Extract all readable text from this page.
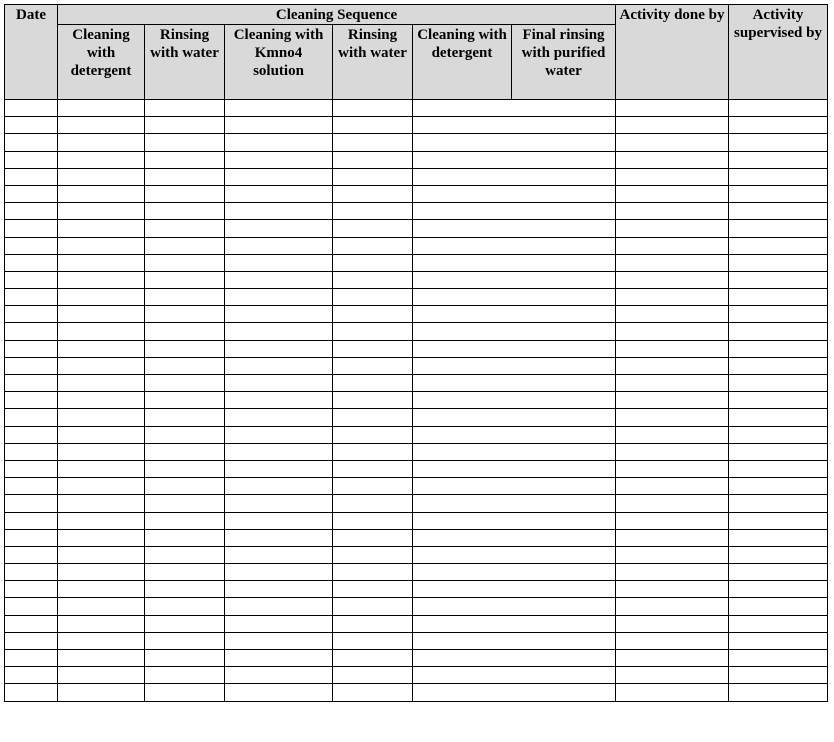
Date	Cleaning Sequence						Activity done by	Activity supervised by

	Cleaning with detergent	Rinsing with water	Cleaning with Kmno4 solution	Rinsing with water	Cleaning with detergent	Final rinsing with purified water		
